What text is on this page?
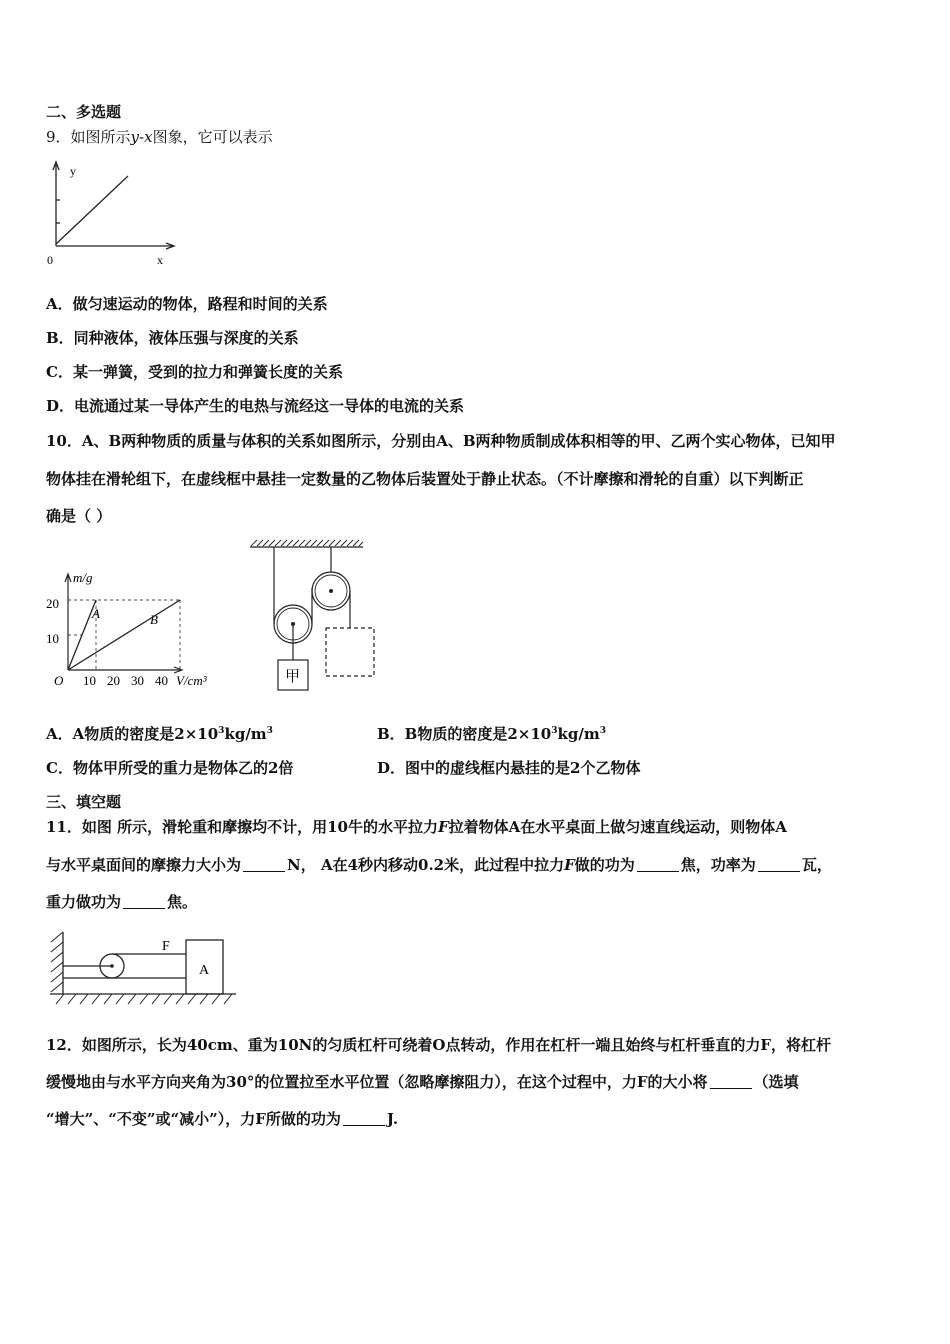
二、多选题
9．如图所示y-x图象，它可以表示
y
x
0
A．做匀速运动的物体，路程和时间的关系
B．同种液体，液体压强与深度的关系
C．某一弹簧，受到的拉力和弹簧长度的关系
D．电流通过某一导体产生的电热与流经这一导体的电流的关系
10．A、B两种物质的质量与体积的关系如图所示，分别由A、B两种物质制成体积相等的甲、乙两个实心物体，已知甲
物体挂在滑轮组下，在虚线框中悬挂一定数量的乙物体后装置处于静止状态。（不计摩擦和滑轮的自重）以下判断正
确是（ ）
m/g
20
10
O 10 20 30 40 V/cm³
A	B
甲
A．A物质的密度是$2\times 10^3kg/m^3$	B．B物质的密度是$2\times 10^3kg/m^3$
C．物体甲所受的重力是物体乙的2倍	D．图中的虚线框内悬挂的是2个乙物体
三、填空题
11．如图 所示，滑轮重和摩擦均不计，用10牛的水平拉力F拉着物体A在水平桌面上做匀速直线运动，则物体A
与水平桌面间的摩擦力大小为	N， A在4秒内移动0.2米，此过程中拉力F做的功为	焦，功率为	瓦，
重力做功为	焦。
F
A
12．如图所示，长为40cm、重为10N的匀质杠杆可绕着O点转动，作用在杠杆一端且始终与杠杆垂直的力F，将杠杆
缓慢地由与水平方向夹角为30°的位置拉至水平位置（忽略摩擦阻力），在这个过程中，力F的大小将	（选填
“增大”、“不变”或“减小”），力F所做的功为	J.
